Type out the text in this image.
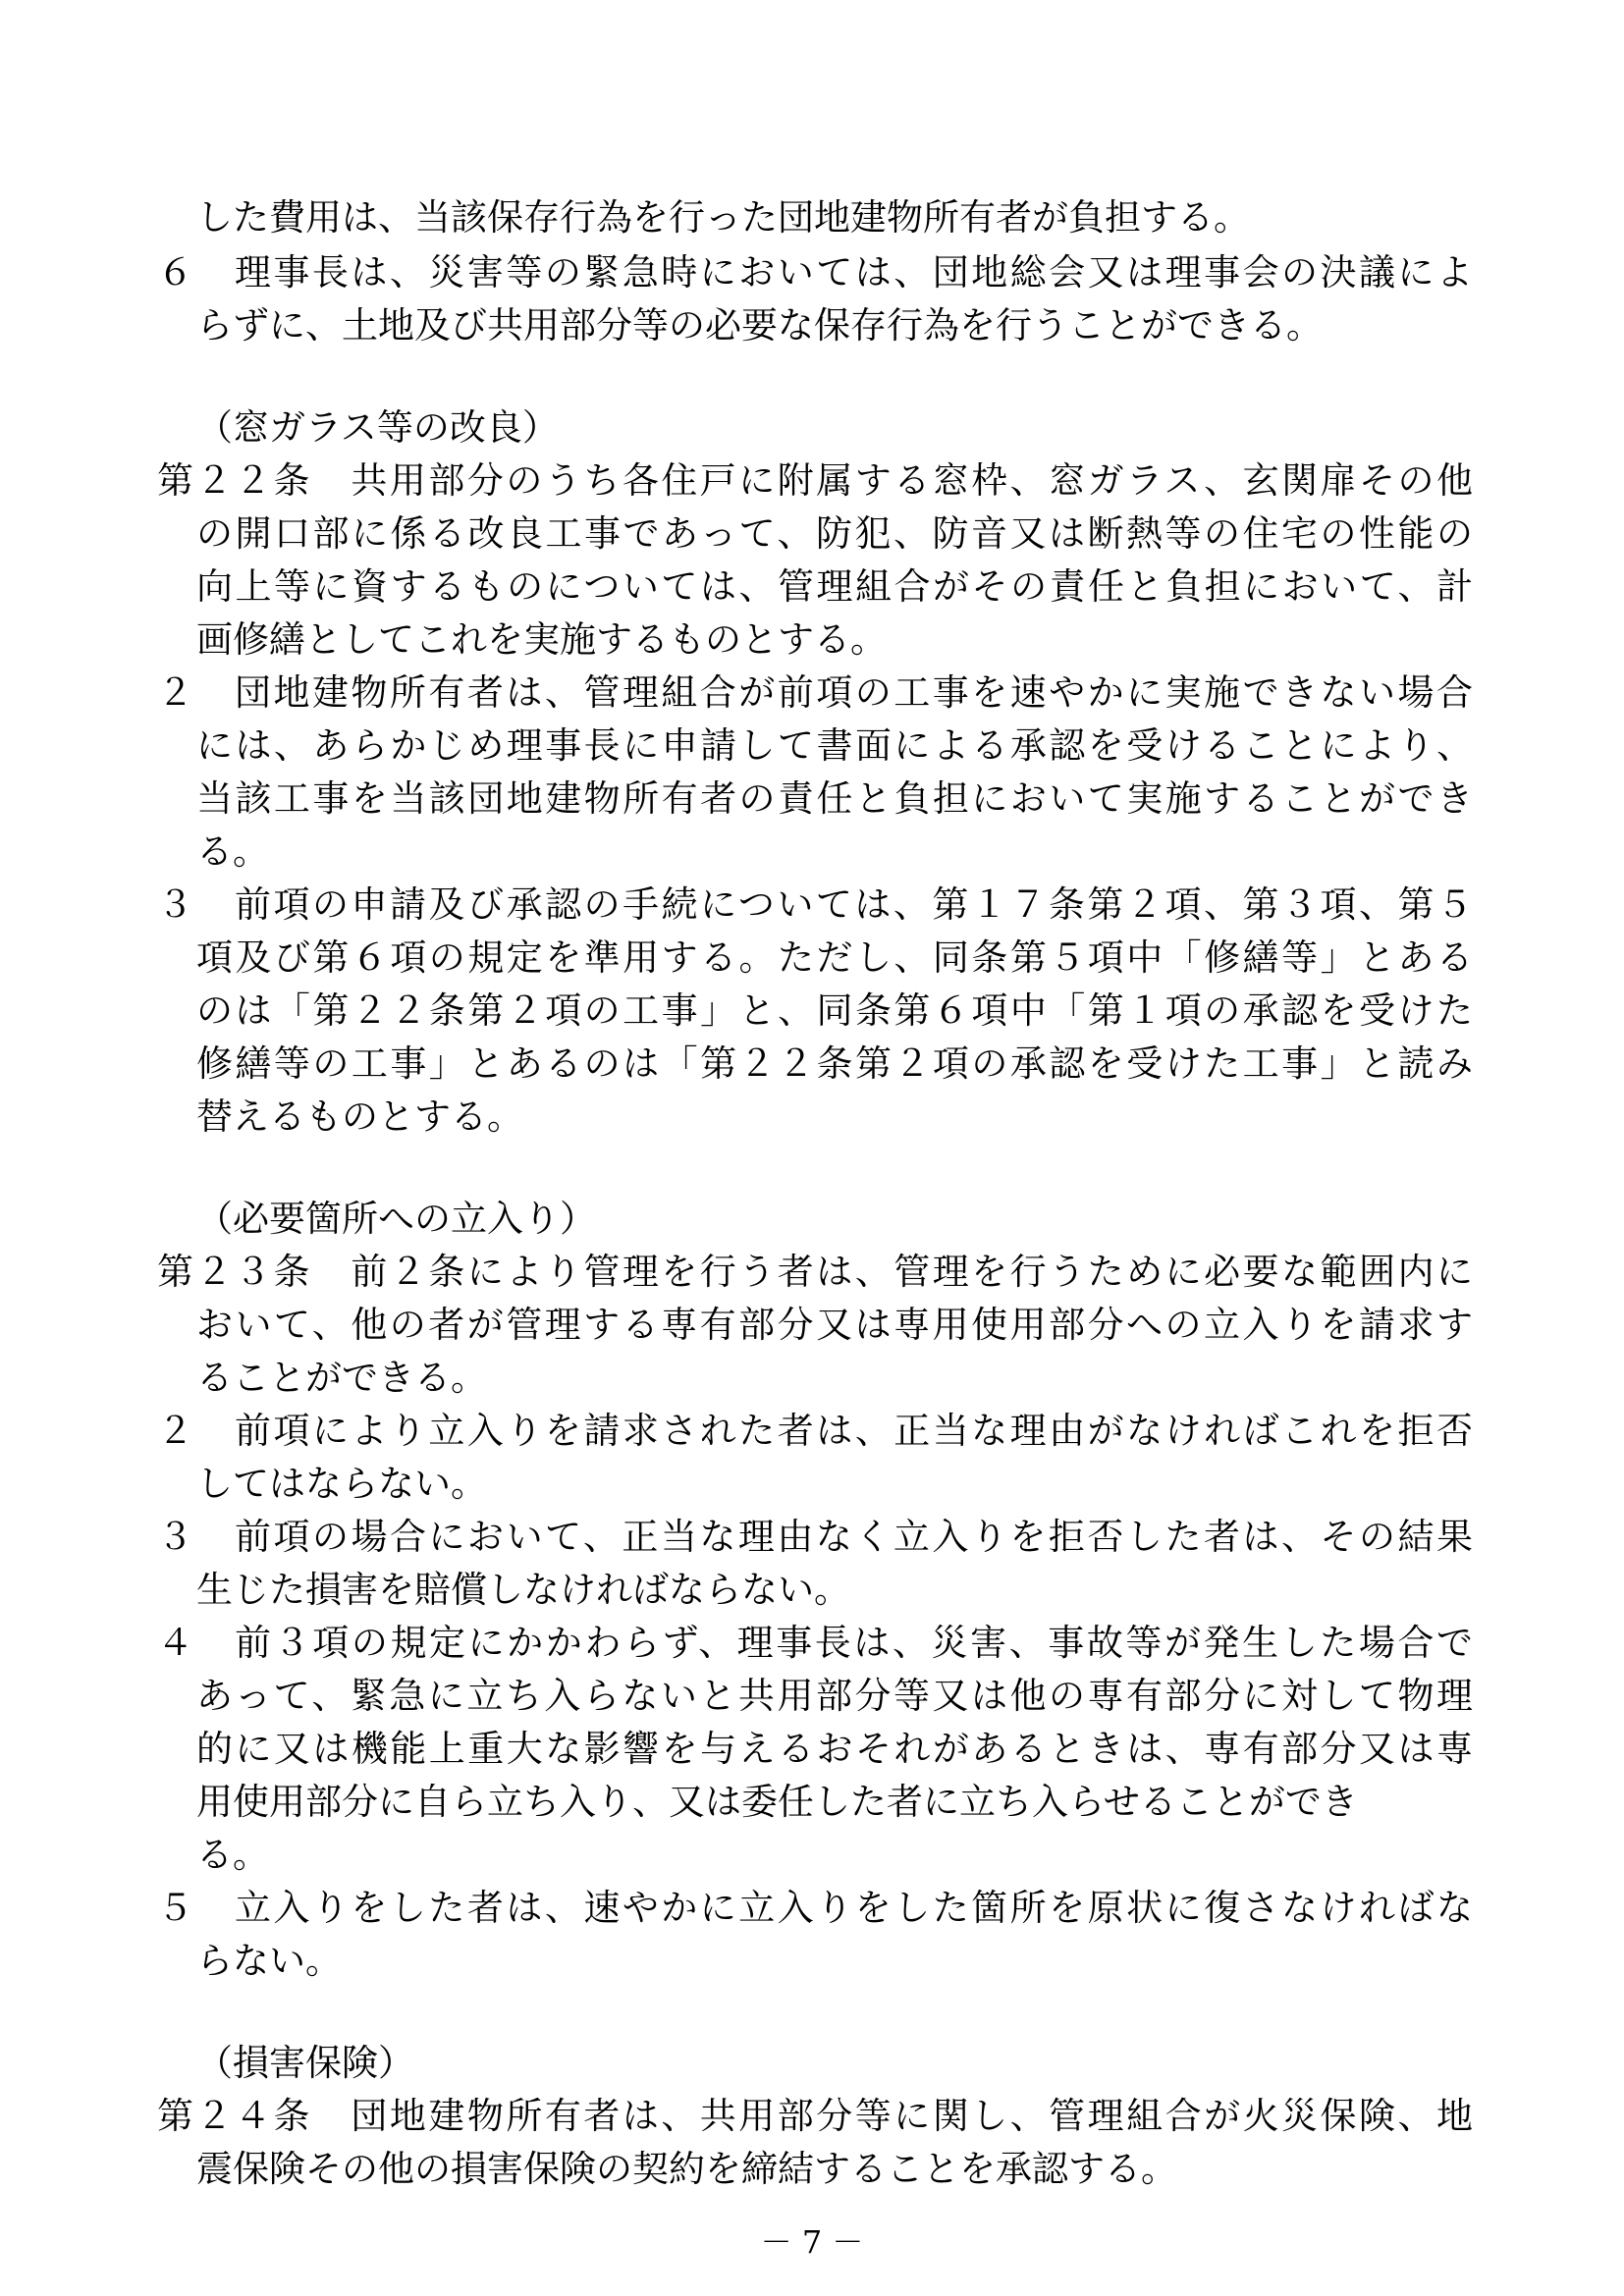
した費用は、当該保存行為を行った団地建物所有者が負担する。
６　理事長は、災害等の緊急時においては、団地総会又は理事会の決議によ
らずに、土地及び共用部分等の必要な保存行為を行うことができる。
（窓ガラス等の改良）
第２２条　共用部分のうち各住戸に附属する窓枠、窓ガラス、玄関扉その他
の開口部に係る改良工事であって、防犯、防音又は断熱等の住宅の性能の
向上等に資するものについては、管理組合がその責任と負担において、計
画修繕としてこれを実施するものとする。
２　団地建物所有者は、管理組合が前項の工事を速やかに実施できない場合
には、あらかじめ理事長に申請して書面による承認を受けることにより、
当該工事を当該団地建物所有者の責任と負担において実施することができ
る。
３　前項の申請及び承認の手続については、第１７条第２項、第３項、第５
項及び第６項の規定を準用する。ただし、同条第５項中「修繕等」とある
のは「第２２条第２項の工事」と、同条第６項中「第１項の承認を受けた
修繕等の工事」とあるのは「第２２条第２項の承認を受けた工事」と読み
替えるものとする。
（必要箇所への立入り）
第２３条　前２条により管理を行う者は、管理を行うために必要な範囲内に
おいて、他の者が管理する専有部分又は専用使用部分への立入りを請求す
ることができる。
２　前項により立入りを請求された者は、正当な理由がなければこれを拒否
してはならない。
３　前項の場合において、正当な理由なく立入りを拒否した者は、その結果
生じた損害を賠償しなければならない。
４　前３項の規定にかかわらず、理事長は、災害、事故等が発生した場合で
あって、緊急に立ち入らないと共用部分等又は他の専有部分に対して物理
的に又は機能上重大な影響を与えるおそれがあるときは、専有部分又は専
用使用部分に自ら立ち入り、又は委任した者に立ち入らせることができ
る。
５　立入りをした者は、速やかに立入りをした箇所を原状に復さなければな
らない。
（損害保険）
第２４条　団地建物所有者は、共用部分等に関し、管理組合が火災保険、地
震保険その他の損害保険の契約を締結することを承認する。
－ 7 －
